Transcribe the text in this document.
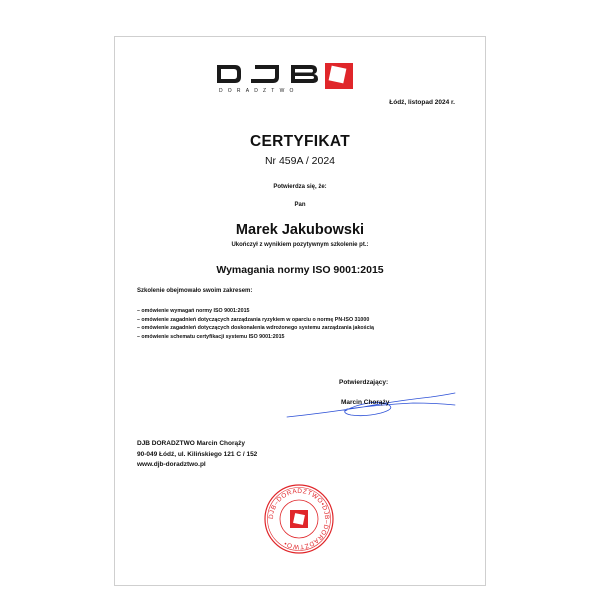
DORADZTWO
Łódź, listopad 2024 r.
CERTYFIKAT
Nr 459A / 2024
Potwierdza się, że:
Pan
Marek Jakubowski
Ukończył z wynikiem pozytywnym szkolenie pt.:
Wymagania normy ISO 9001:2015
Szkolenie obejmowało swoim zakresem:
– omówienie wymagań normy ISO 9001:2015
– omówienie zagadnień dotyczących zarządzania ryzykiem w oparciu o normę PN-ISO 31000
– omówienie zagadnień dotyczących doskonalenia wdrożonego systemu zarządzania jakością
– omówienie schematu certyfikacji systemu ISO 9001:2015
Potwierdzający:
Marcin Chorąży
DJB DORADZTWO Marcin Chorąży
90-049 Łódź, ul. Kilińskiego 121 C / 152
www.djb-doradztwo.pl
DJB–DORADZTWO•DJB–DORADZTWO•
